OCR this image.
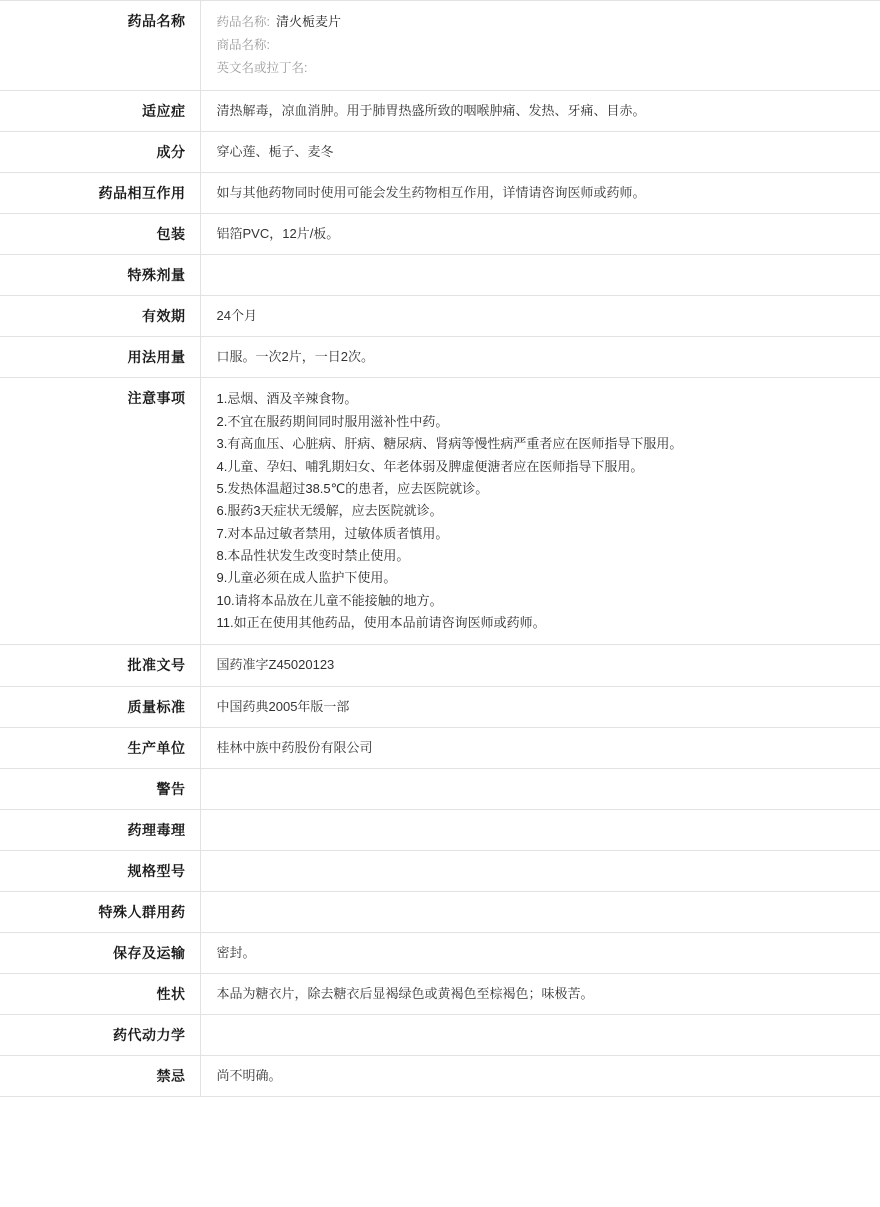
药品名称	药品名称: 清火栀麦片
商品名称:
英文名或拉丁名:

适应症	清热解毒，凉血消肿。用于肺胃热盛所致的咽喉肿痛、发热、牙痛、目赤。
成分	穿心莲、栀子、麦冬
药品相互作用	如与其他药物同时使用可能会发生药物相互作用，详情请咨询医师或药师。
包装	铝箔PVC，12片/板。
特殊剂量	
有效期	24个月
用法用量	口服。一次2片，一日2次。
注意事项	1.忌烟、酒及辛辣食物。
2.不宜在服药期间同时服用滋补性中药。
3.有高血压、心脏病、肝病、糖尿病、肾病等慢性病严重者应在医师指导下服用。
4.儿童、孕妇、哺乳期妇女、年老体弱及脾虚便溏者应在医师指导下服用。
5.发热体温超过38.5℃的患者，应去医院就诊。
6.服药3天症状无缓解，应去医院就诊。
7.对本品过敏者禁用，过敏体质者慎用。
8.本品性状发生改变时禁止使用。
9.儿童必须在成人监护下使用。
10.请将本品放在儿童不能接触的地方。
11.如正在使用其他药品，使用本品前请咨询医师或药师。

批准文号	国药准字Z45020123
质量标准	中国药典2005年版一部
生产单位	桂林中族中药股份有限公司
警告	
药理毒理	
规格型号	
特殊人群用药	
保存及运输	密封。
性状	本品为糖衣片，除去糖衣后显褐绿色或黄褐色至棕褐色；味极苦。
药代动力学	
禁忌	尚不明确。
